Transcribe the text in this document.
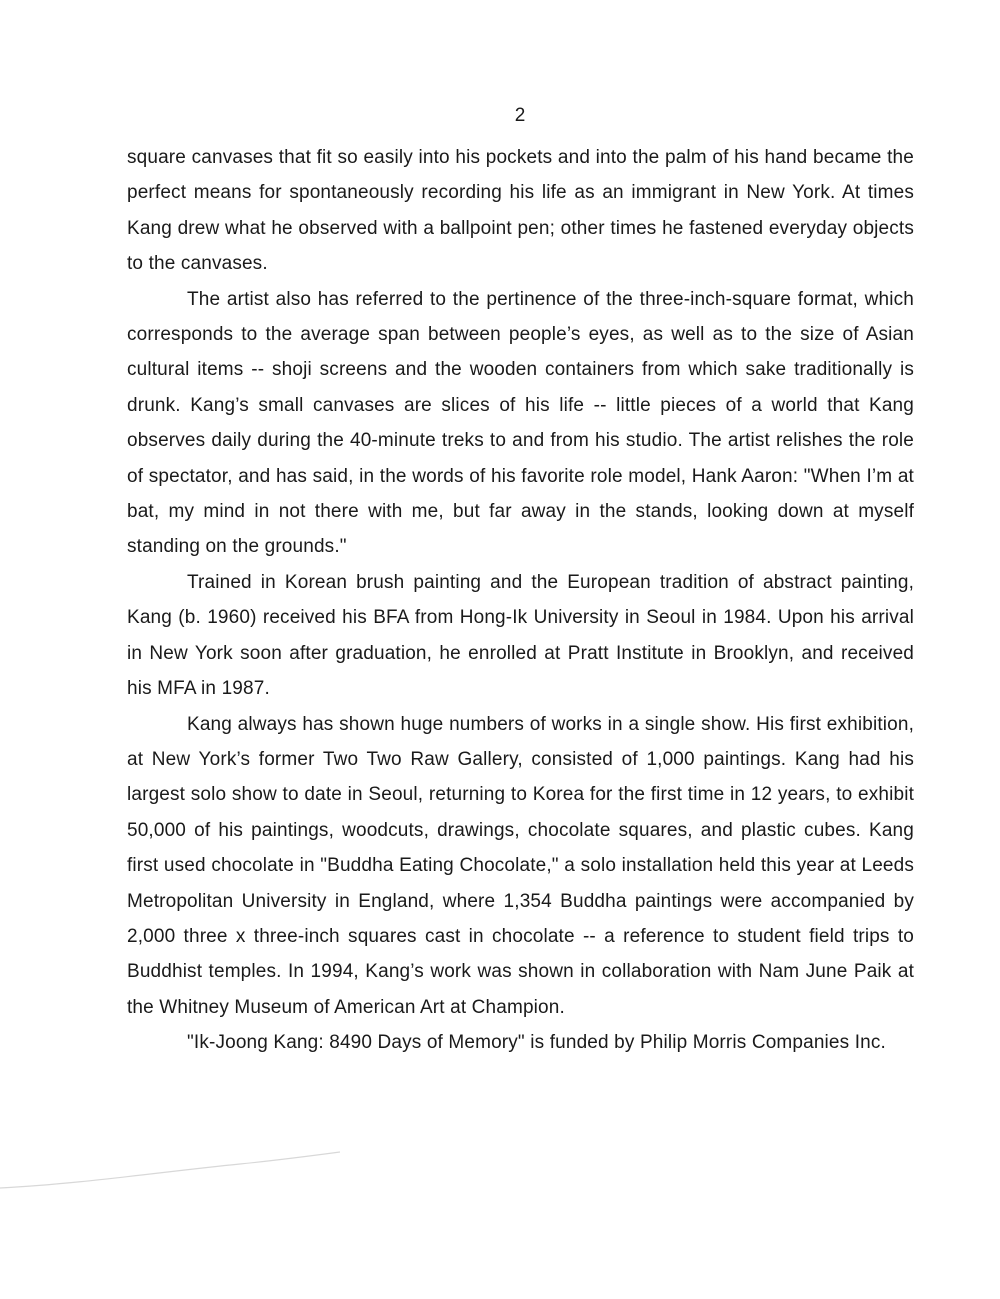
2

square canvases that fit so easily into his pockets and into the palm of his hand became the perfect means for spontaneously recording his life as an immigrant in New York. At times Kang drew what he observed with a ballpoint pen; other times he fastened everyday objects to the canvases.

The artist also has referred to the pertinence of the three-inch-square format, which corresponds to the average span between people’s eyes, as well as to the size of Asian cultural items -- shoji screens and the wooden containers from which sake traditionally is drunk. Kang’s small canvases are slices of his life -- little pieces of a world that Kang observes daily during the 40-minute treks to and from his studio. The artist relishes the role of spectator, and has said, in the words of his favorite role model, Hank Aaron: "When I’m at bat, my mind in not there with me, but far away in the stands, looking down at myself standing on the grounds."

Trained in Korean brush painting and the European tradition of abstract painting, Kang (b. 1960) received his BFA from Hong-Ik University in Seoul in 1984. Upon his arrival in New York soon after graduation, he enrolled at Pratt Institute in Brooklyn, and received his MFA in 1987.

Kang always has shown huge numbers of works in a single show. His first exhibition, at New York’s former Two Two Raw Gallery, consisted of 1,000 paintings. Kang had his largest solo show to date in Seoul, returning to Korea for the first time in 12 years, to exhibit 50,000 of his paintings, woodcuts, drawings, chocolate squares, and plastic cubes. Kang first used chocolate in "Buddha Eating Chocolate," a solo installation held this year at Leeds Metropolitan University in England, where 1,354 Buddha paintings were accompanied by 2,000 three x three-inch squares cast in chocolate -- a reference to student field trips to Buddhist temples. In 1994, Kang’s work was shown in collaboration with Nam June Paik at the Whitney Museum of American Art at Champion.

"Ik-Joong Kang: 8490 Days of Memory" is funded by Philip Morris Companies Inc.
